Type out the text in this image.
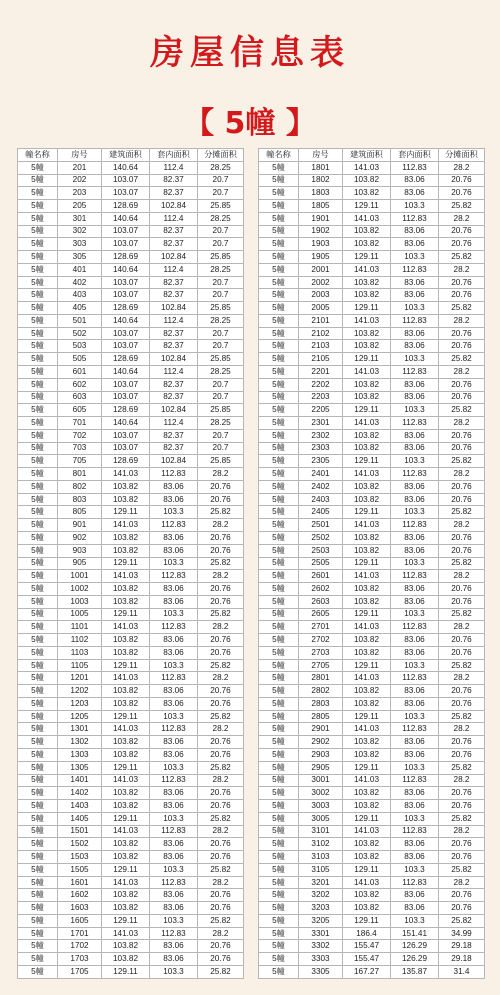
房屋信息表
【 5幢 】
幢名称	房号	建筑面积	套内面积	分摊面积
5幢	201	140.64	112.4	28.25
5幢	202	103.07	82.37	20.7
5幢	203	103.07	82.37	20.7
5幢	205	128.69	102.84	25.85
5幢	301	140.64	112.4	28.25
5幢	302	103.07	82.37	20.7
5幢	303	103.07	82.37	20.7
5幢	305	128.69	102.84	25.85
5幢	401	140.64	112.4	28.25
5幢	402	103.07	82.37	20.7
5幢	403	103.07	82.37	20.7
5幢	405	128.69	102.84	25.85
5幢	501	140.64	112.4	28.25
5幢	502	103.07	82.37	20.7
5幢	503	103.07	82.37	20.7
5幢	505	128.69	102.84	25.85
5幢	601	140.64	112.4	28.25
5幢	602	103.07	82.37	20.7
5幢	603	103.07	82.37	20.7
5幢	605	128.69	102.84	25.85
5幢	701	140.64	112.4	28.25
5幢	702	103.07	82.37	20.7
5幢	703	103.07	82.37	20.7
5幢	705	128.69	102.84	25.85
5幢	801	141.03	112.83	28.2
5幢	802	103.82	83.06	20.76
5幢	803	103.82	83.06	20.76
5幢	805	129.11	103.3	25.82
5幢	901	141.03	112.83	28.2
5幢	902	103.82	83.06	20.76
5幢	903	103.82	83.06	20.76
5幢	905	129.11	103.3	25.82
5幢	1001	141.03	112.83	28.2
5幢	1002	103.82	83.06	20.76
5幢	1003	103.82	83.06	20.76
5幢	1005	129.11	103.3	25.82
5幢	1101	141.03	112.83	28.2
5幢	1102	103.82	83.06	20.76
5幢	1103	103.82	83.06	20.76
5幢	1105	129.11	103.3	25.82
5幢	1201	141.03	112.83	28.2
5幢	1202	103.82	83.06	20.76
5幢	1203	103.82	83.06	20.76
5幢	1205	129.11	103.3	25.82
5幢	1301	141.03	112.83	28.2
5幢	1302	103.82	83.06	20.76
5幢	1303	103.82	83.06	20.76
5幢	1305	129.11	103.3	25.82
5幢	1401	141.03	112.83	28.2
5幢	1402	103.82	83.06	20.76
5幢	1403	103.82	83.06	20.76
5幢	1405	129.11	103.3	25.82
5幢	1501	141.03	112.83	28.2
5幢	1502	103.82	83.06	20.76
5幢	1503	103.82	83.06	20.76
5幢	1505	129.11	103.3	25.82
5幢	1601	141.03	112.83	28.2
5幢	1602	103.82	83.06	20.76
5幢	1603	103.82	83.06	20.76
5幢	1605	129.11	103.3	25.82
5幢	1701	141.03	112.83	28.2
5幢	1702	103.82	83.06	20.76
5幢	1703	103.82	83.06	20.76
5幢	1705	129.11	103.3	25.82
幢名称	房号	建筑面积	套内面积	分摊面积
5幢	1801	141.03	112.83	28.2
5幢	1802	103.82	83.06	20.76
5幢	1803	103.82	83.06	20.76
5幢	1805	129.11	103.3	25.82
5幢	1901	141.03	112.83	28.2
5幢	1902	103.82	83.06	20.76
5幢	1903	103.82	83.06	20.76
5幢	1905	129.11	103.3	25.82
5幢	2001	141.03	112.83	28.2
5幢	2002	103.82	83.06	20.76
5幢	2003	103.82	83.06	20.76
5幢	2005	129.11	103.3	25.82
5幢	2101	141.03	112.83	28.2
5幢	2102	103.82	83.06	20.76
5幢	2103	103.82	83.06	20.76
5幢	2105	129.11	103.3	25.82
5幢	2201	141.03	112.83	28.2
5幢	2202	103.82	83.06	20.76
5幢	2203	103.82	83.06	20.76
5幢	2205	129.11	103.3	25.82
5幢	2301	141.03	112.83	28.2
5幢	2302	103.82	83.06	20.76
5幢	2303	103.82	83.06	20.76
5幢	2305	129.11	103.3	25.82
5幢	2401	141.03	112.83	28.2
5幢	2402	103.82	83.06	20.76
5幢	2403	103.82	83.06	20.76
5幢	2405	129.11	103.3	25.82
5幢	2501	141.03	112.83	28.2
5幢	2502	103.82	83.06	20.76
5幢	2503	103.82	83.06	20.76
5幢	2505	129.11	103.3	25.82
5幢	2601	141.03	112.83	28.2
5幢	2602	103.82	83.06	20.76
5幢	2603	103.82	83.06	20.76
5幢	2605	129.11	103.3	25.82
5幢	2701	141.03	112.83	28.2
5幢	2702	103.82	83.06	20.76
5幢	2703	103.82	83.06	20.76
5幢	2705	129.11	103.3	25.82
5幢	2801	141.03	112.83	28.2
5幢	2802	103.82	83.06	20.76
5幢	2803	103.82	83.06	20.76
5幢	2805	129.11	103.3	25.82
5幢	2901	141.03	112.83	28.2
5幢	2902	103.82	83.06	20.76
5幢	2903	103.82	83.06	20.76
5幢	2905	129.11	103.3	25.82
5幢	3001	141.03	112.83	28.2
5幢	3002	103.82	83.06	20.76
5幢	3003	103.82	83.06	20.76
5幢	3005	129.11	103.3	25.82
5幢	3101	141.03	112.83	28.2
5幢	3102	103.82	83.06	20.76
5幢	3103	103.82	83.06	20.76
5幢	3105	129.11	103.3	25.82
5幢	3201	141.03	112.83	28.2
5幢	3202	103.82	83.06	20.76
5幢	3203	103.82	83.06	20.76
5幢	3205	129.11	103.3	25.82
5幢	3301	186.4	151.41	34.99
5幢	3302	155.47	126.29	29.18
5幢	3303	155.47	126.29	29.18
5幢	3305	167.27	135.87	31.4
